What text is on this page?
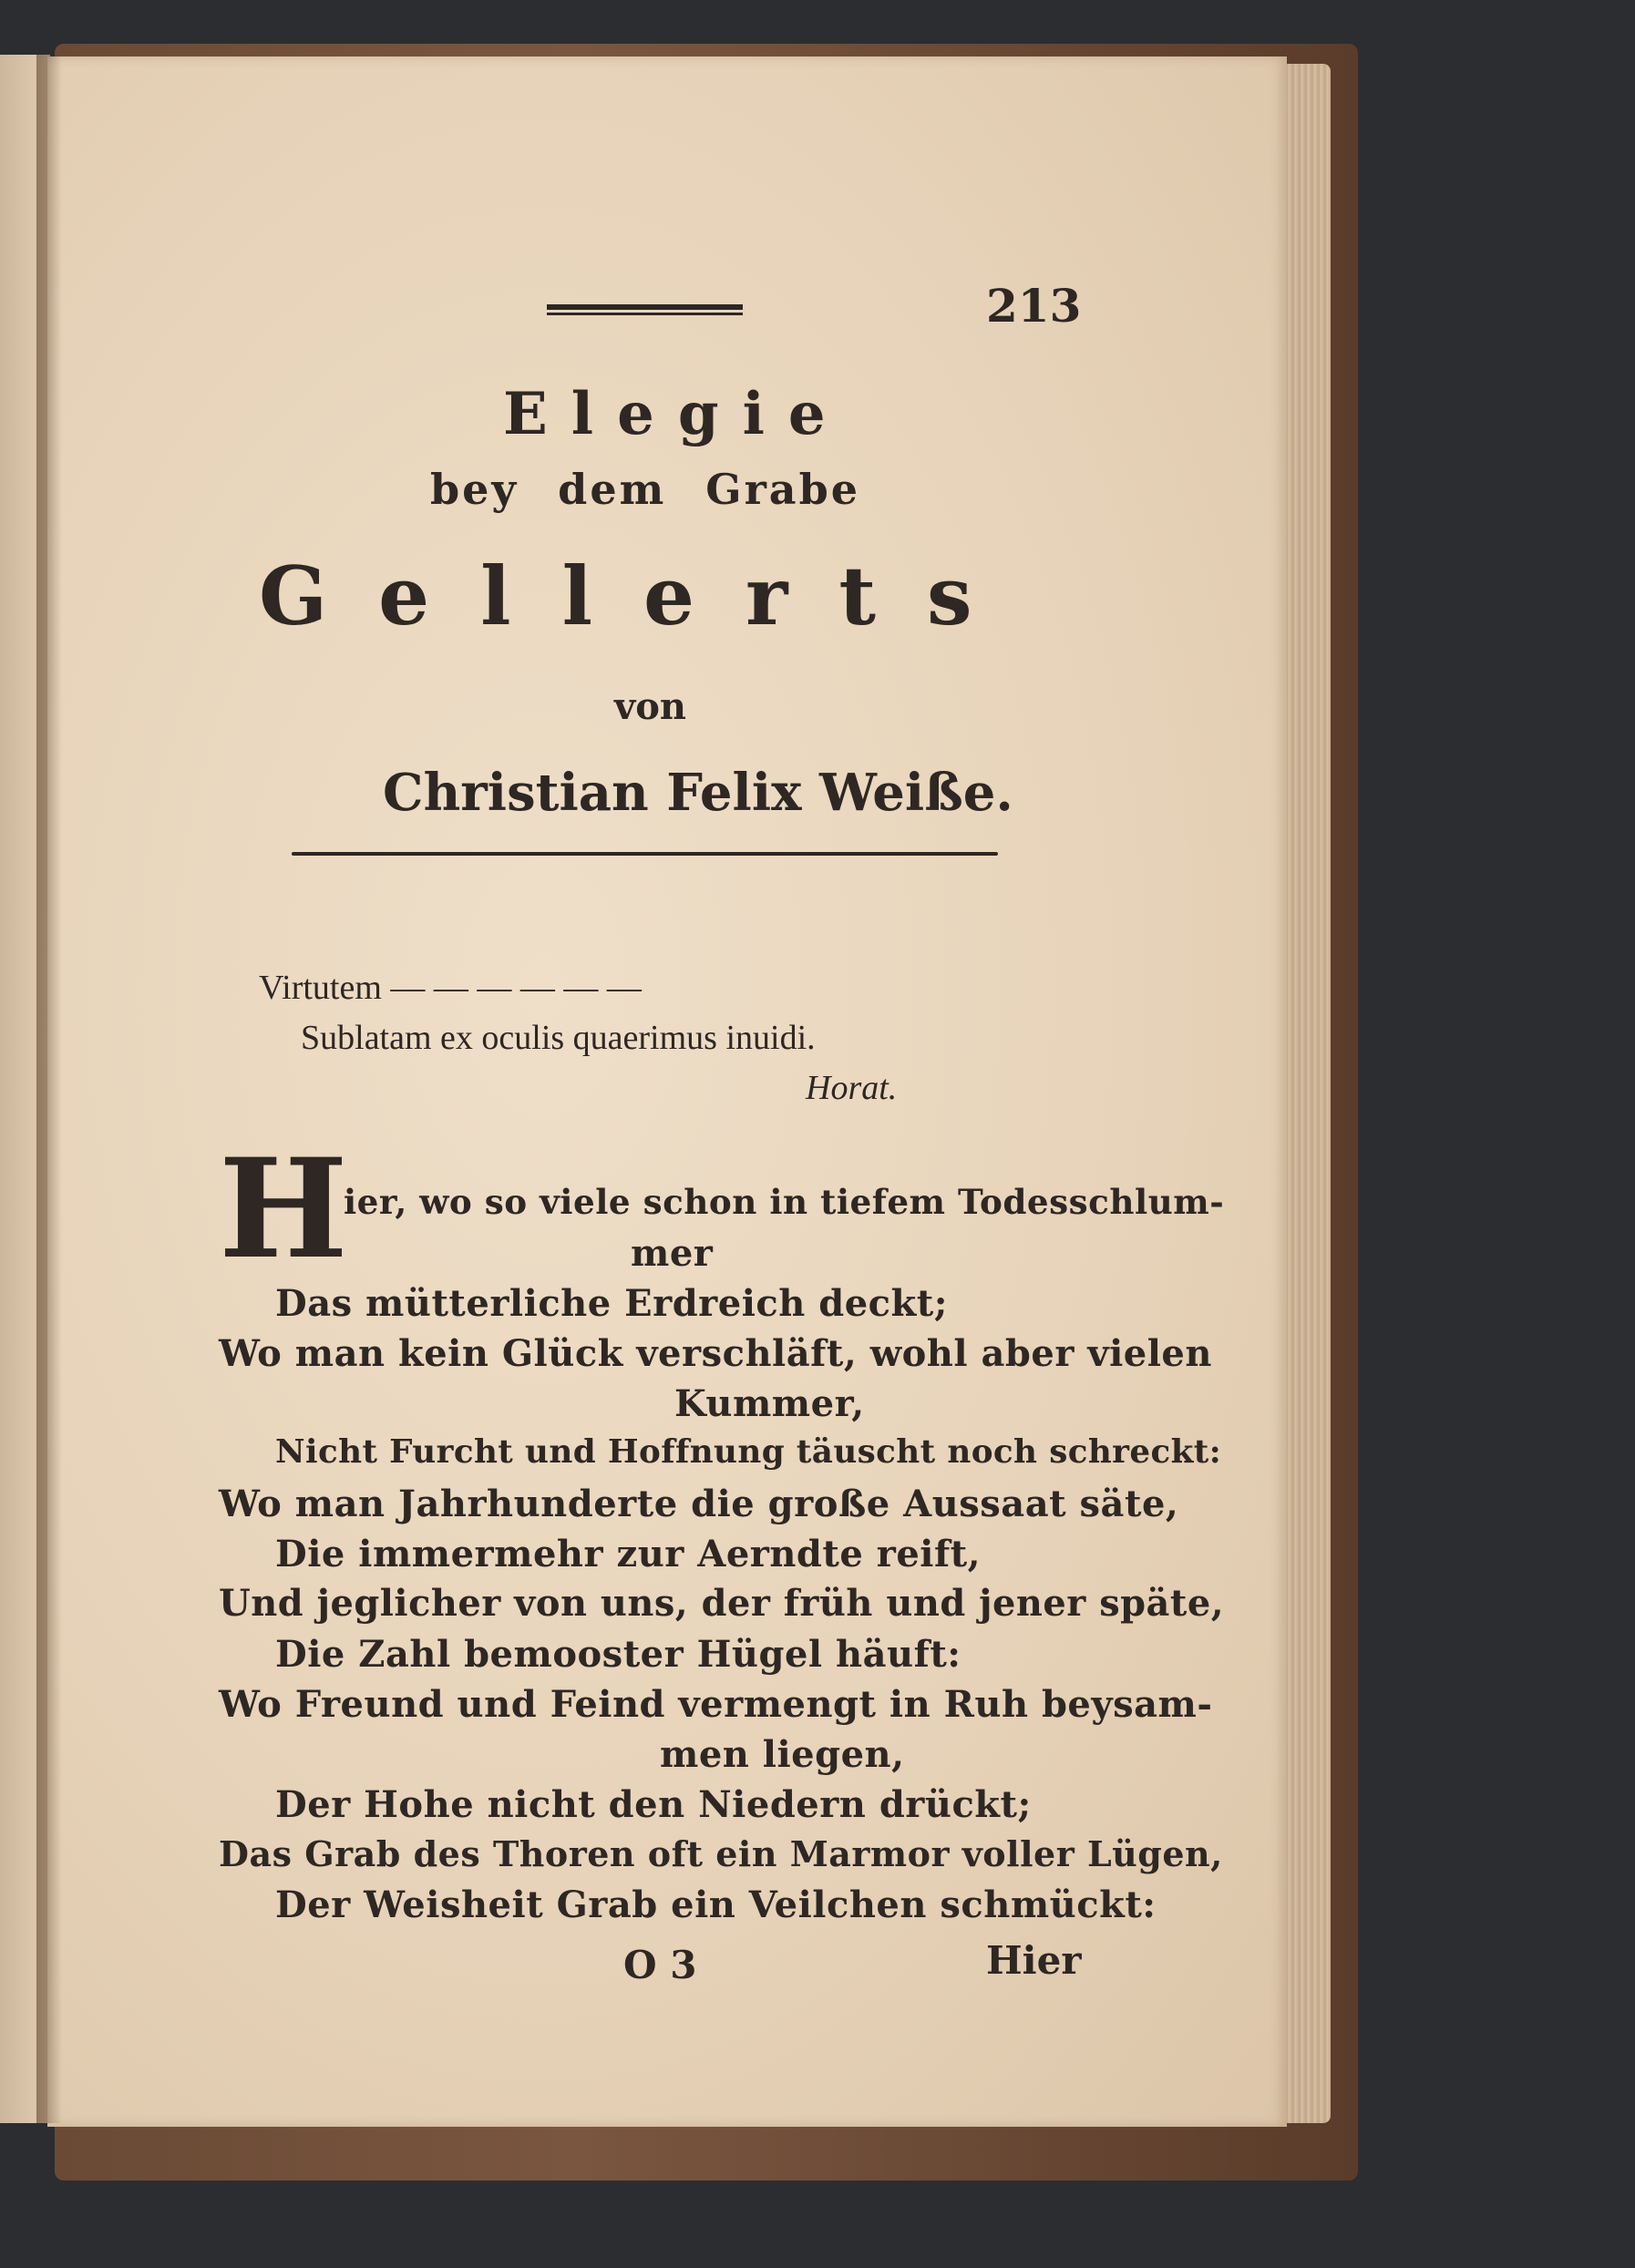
213
Elegie
bey dem Grabe
Gellerts
von
Christian Felix Weiße.
Virtutem — — — — — —
Sublatam ex oculis quaerimus inuidi.
Horat.
H
ier, wo so viele schon in tiefem Todesschlum-
mer
Das mütterliche Erdreich deckt;
Wo man kein Glück verschläft, wohl aber vielen
Kummer,
Nicht Furcht und Hoffnung täuscht noch schreckt:
Wo man Jahrhunderte die große Aussaat säte,
Die immermehr zur Aerndte reift,
Und jeglicher von uns, der früh und jener späte,
Die Zahl bemooster Hügel häuft:
Wo Freund und Feind vermengt in Ruh beysam-
men liegen,
Der Hohe nicht den Niedern drückt;
Das Grab des Thoren oft ein Marmor voller Lügen,
Der Weisheit Grab ein Veilchen schmückt:
O 3	Hier
